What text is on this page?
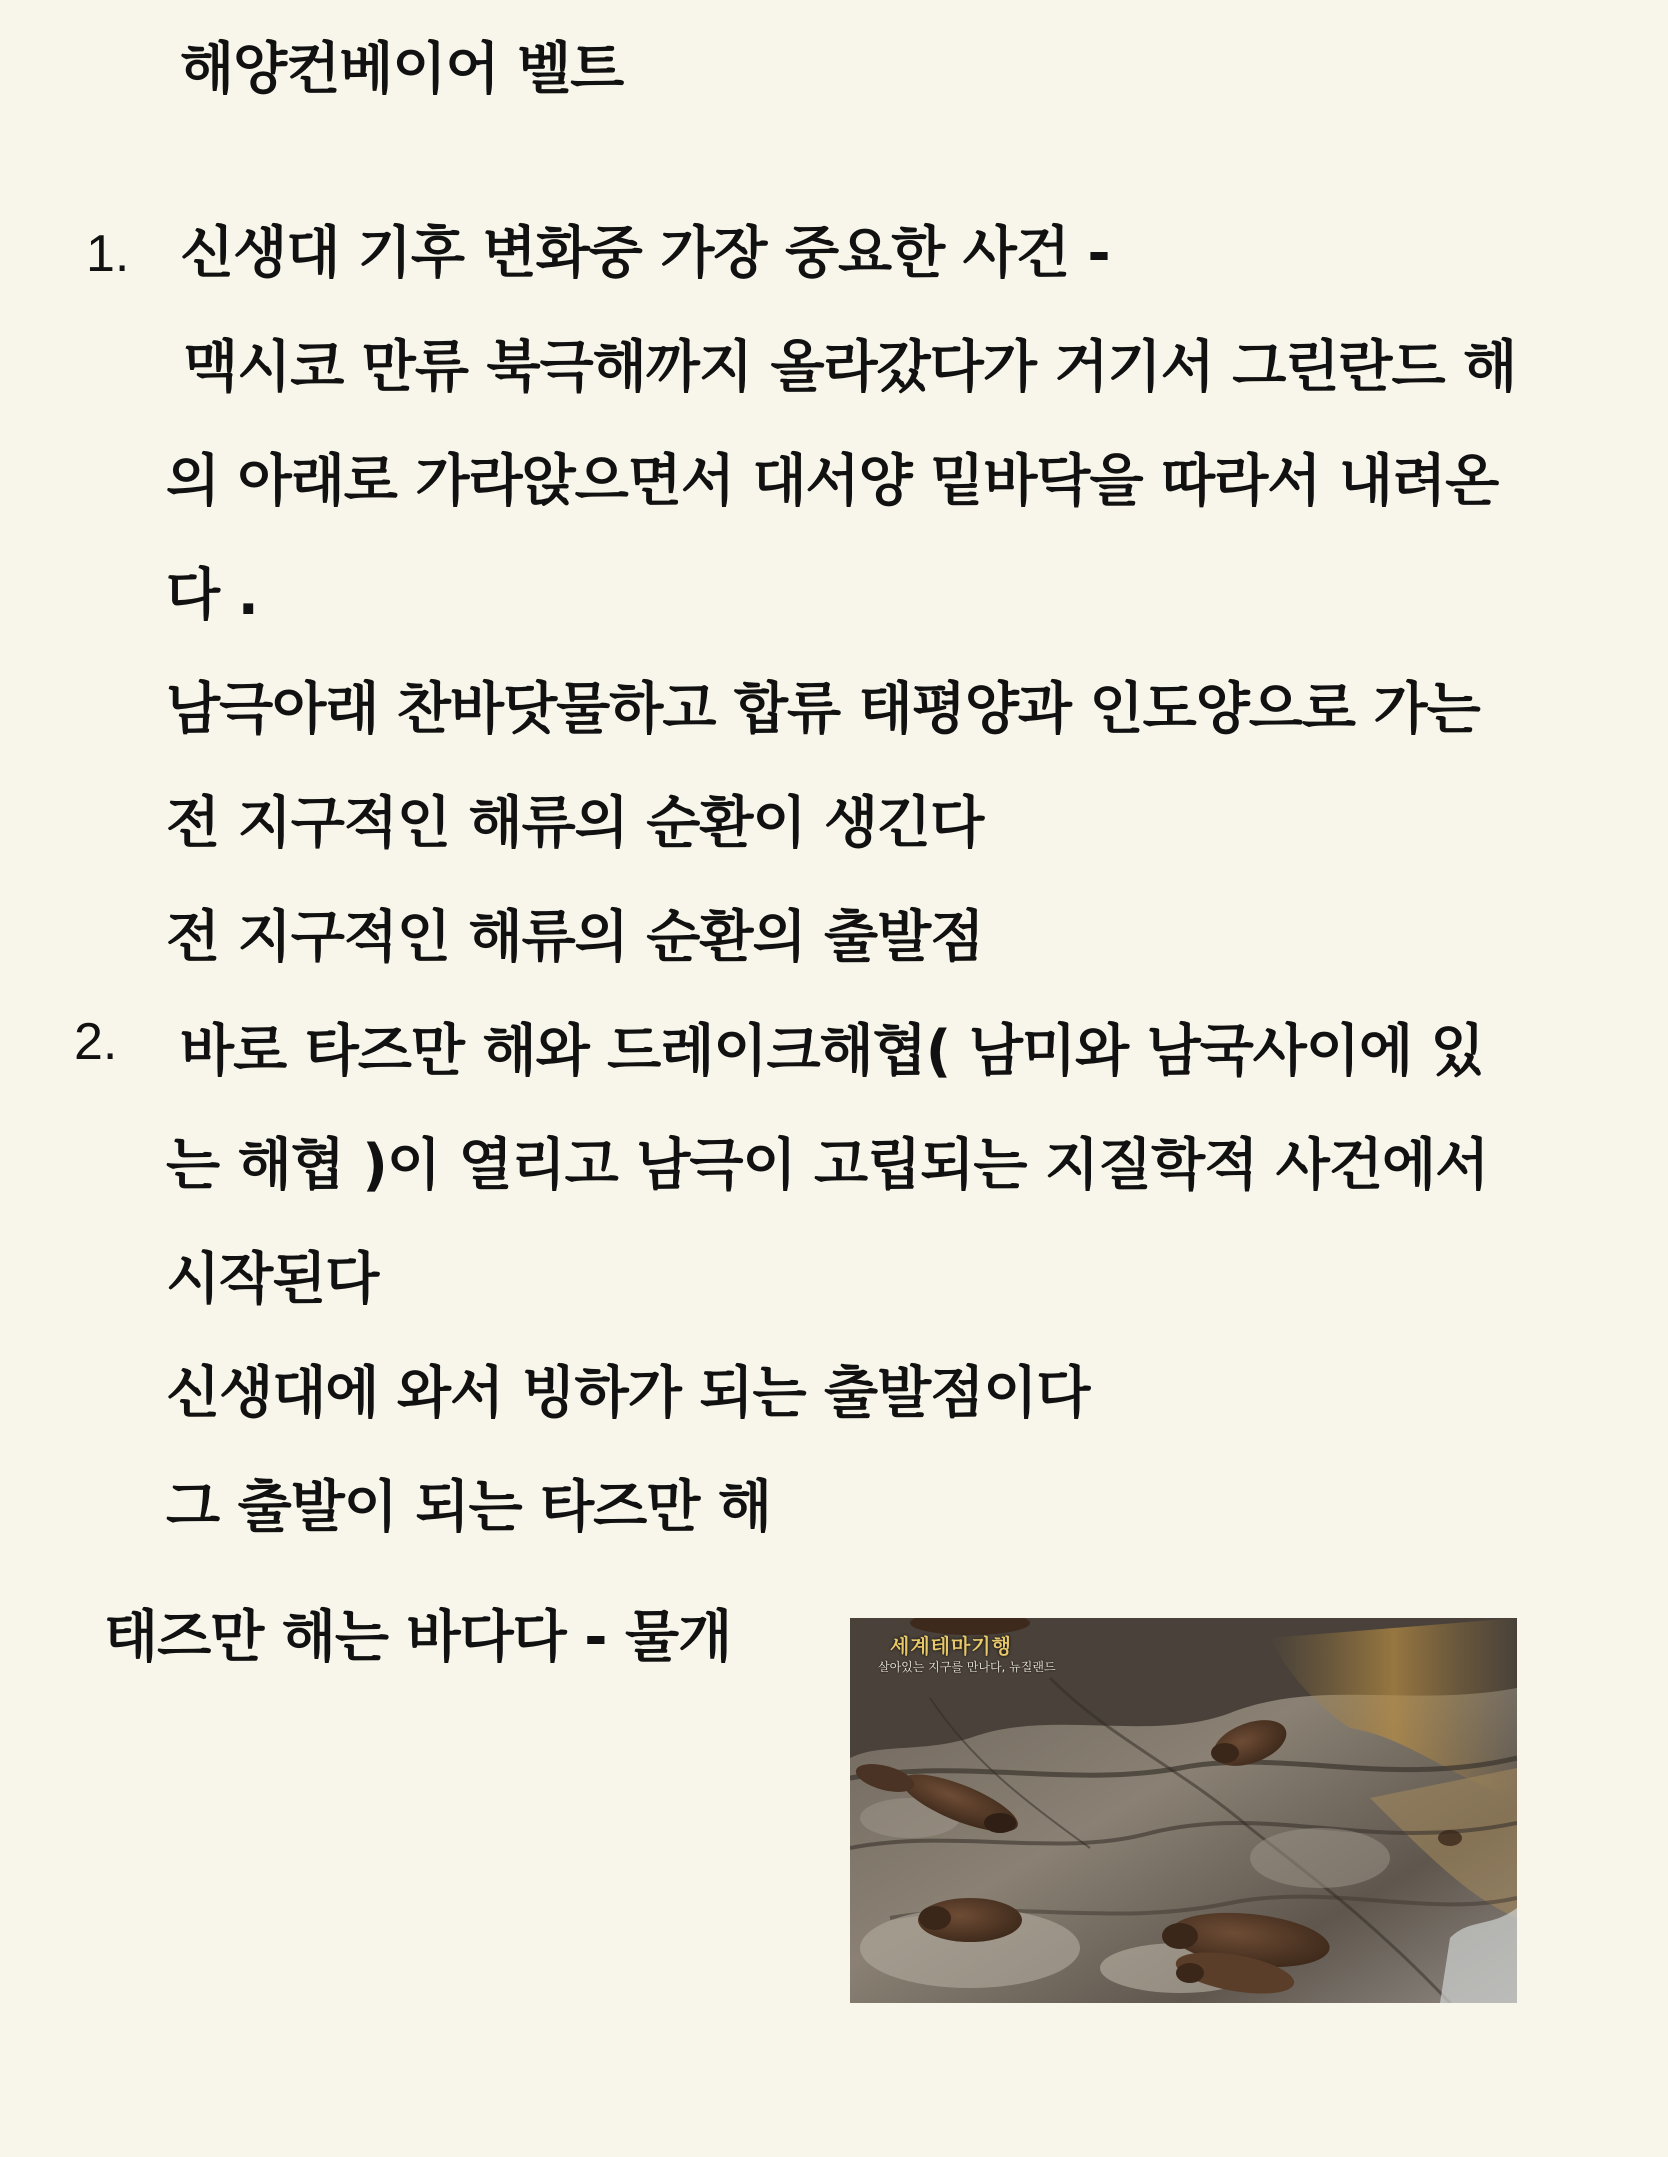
해양컨베이어 벨트
1. 신생대 기후 변화중 가장 중요한 사건 -
맥시코 만류 북극해까지 올라갔다가 거기서 그린란드 해
의 아래로 가라앉으면서 대서양 밑바닥을 따라서 내려온
다 .
남극아래 찬바닷물하고 합류 태평양과 인도양으로 가는
전 지구적인 해류의 순환이 생긴다
전 지구적인 해류의 순환의 출발점
2. 바로 타즈만 해와 드레이크해협( 남미와 남국사이에 있
는 해협 )이 열리고 남극이 고립되는 지질학적 사건에서
시작된다
신생대에 와서 빙하가 되는 출발점이다
그 출발이 되는 타즈만 해
태즈만 해는 바다다 - 물개	세계테마기행
살아있는 지구를 만나다, 뉴질랜드
